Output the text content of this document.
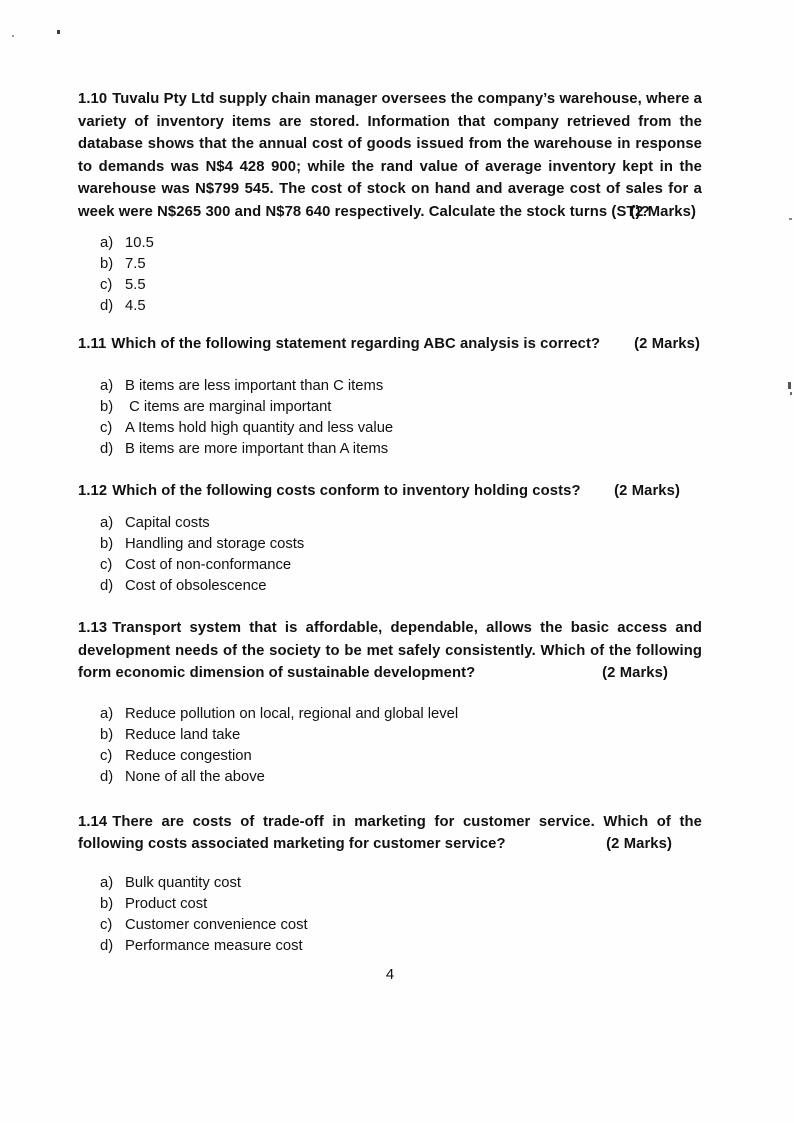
1.10 Tuvalu Pty Ltd supply chain manager oversees the company’s warehouse, where a variety of inventory items are stored. Information that company retrieved from the database shows that the annual cost of goods issued from the warehouse in response to demands was N$4 428 900; while the rand value of average inventory kept in the warehouse was N$799 545. The cost of stock on hand and average cost of sales for a week were N$265 300 and N$78 640 respectively. Calculate the stock turns (ST)?
(2 Marks)

a) 10.5
b) 7.5
c) 5.5
d) 4.5

1.11 Which of the following statement regarding ABC analysis is correct? (2 Marks)

a) B items are less important than C items
b) C items are marginal important
c) A Items hold high quantity and less value
d) B items are more important than A items

1.12 Which of the following costs conform to inventory holding costs? (2 Marks)

a) Capital costs
b) Handling and storage costs
c) Cost of non-conformance
d) Cost of obsolescence

1.13 Transport system that is affordable, dependable, allows the basic access and development needs of the society to be met safely consistently. Which of the following form economic dimension of sustainable development?	(2 Marks)

a) Reduce pollution on local, regional and global level
b) Reduce land take
c) Reduce congestion
d) None of all the above

1.14 There are costs of trade-off in marketing for customer service. Which of the following costs associated marketing for customer service?	(2 Marks)

a) Bulk quantity cost
b) Product cost
c) Customer convenience cost
d) Performance measure cost
4
